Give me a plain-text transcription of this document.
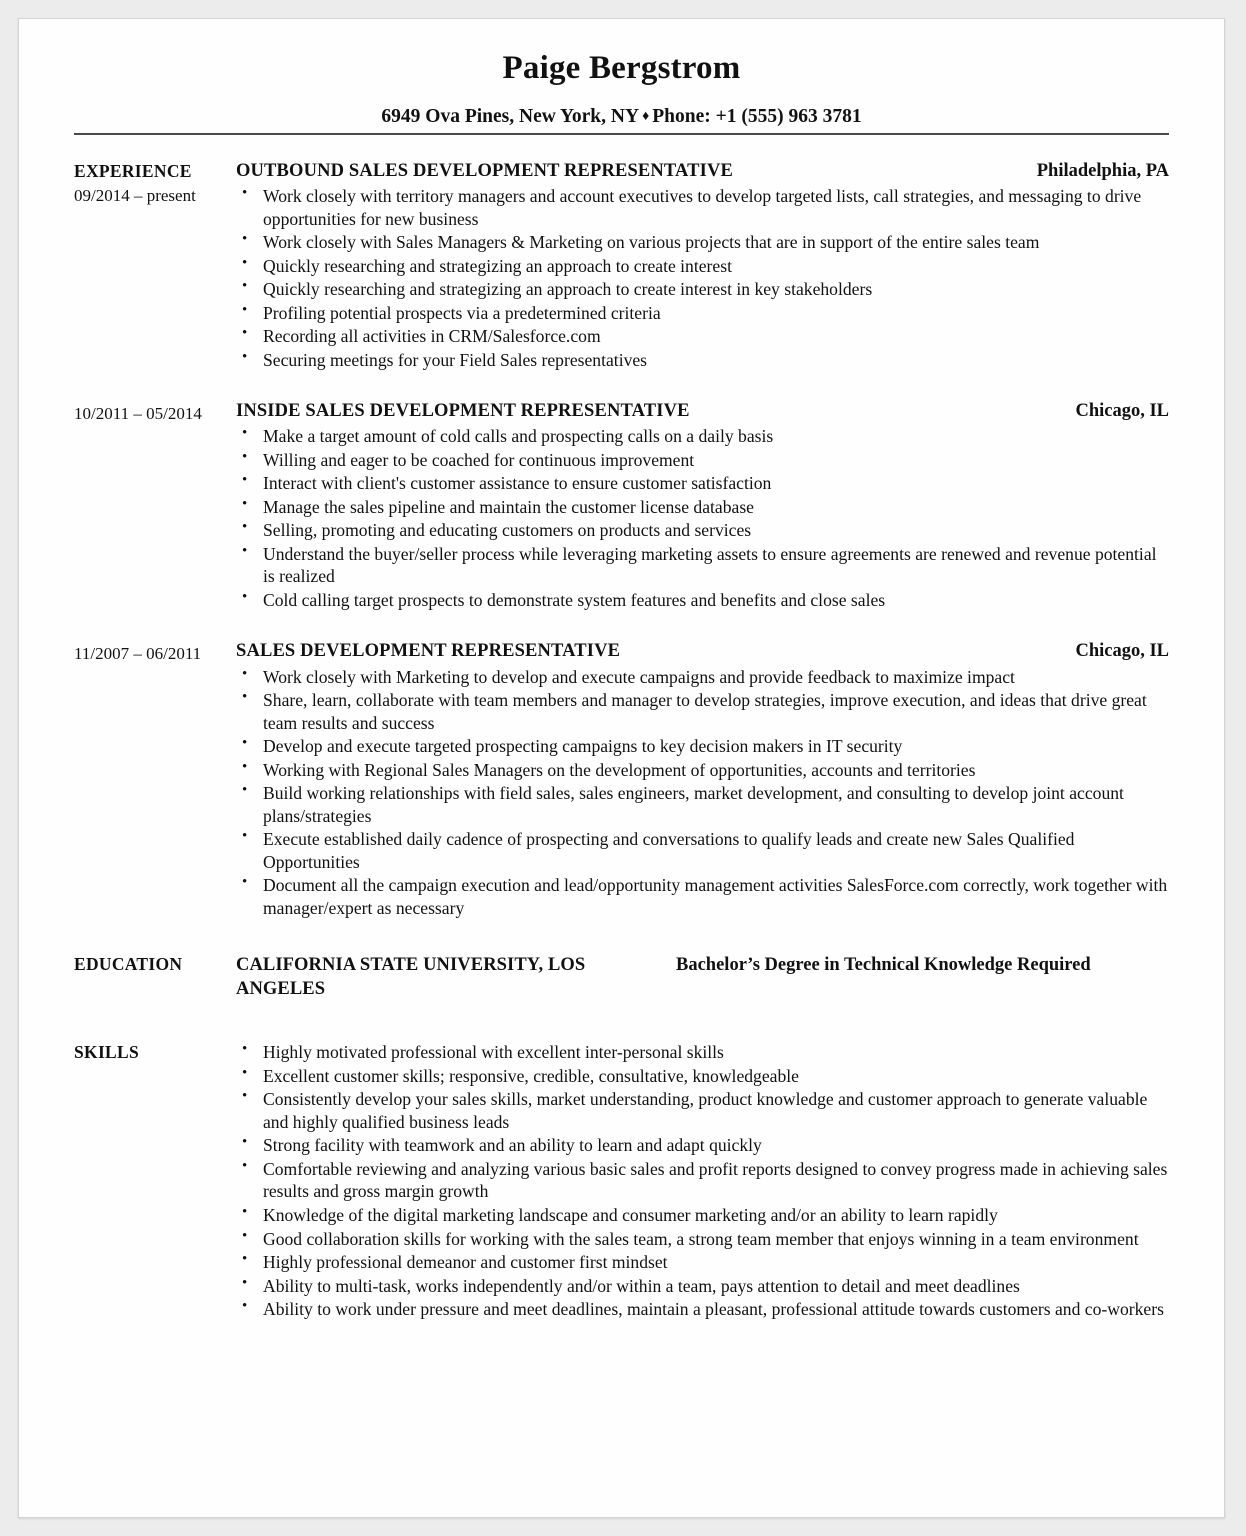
Paige Bergstrom
6949 Ova Pines, New York, NY ♦ Phone: +1 (555) 963 3781
EXPERIENCE
09/2014 – present
OUTBOUND SALES DEVELOPMENT REPRESENTATIVE	Philadelphia, PA
• Work closely with territory managers and account executives to develop targeted lists, call strategies, and messaging to drive opportunities for new business
• Work closely with Sales Managers & Marketing on various projects that are in support of the entire sales team
• Quickly researching and strategizing an approach to create interest
• Quickly researching and strategizing an approach to create interest in key stakeholders
• Profiling potential prospects via a predetermined criteria
• Recording all activities in CRM/Salesforce.com
• Securing meetings for your Field Sales representatives
10/2011 – 05/2014	INSIDE SALES DEVELOPMENT REPRESENTATIVE	Chicago, IL
• Make a target amount of cold calls and prospecting calls on a daily basis
• Willing and eager to be coached for continuous improvement
• Interact with client's customer assistance to ensure customer satisfaction
• Manage the sales pipeline and maintain the customer license database
• Selling, promoting and educating customers on products and services
• Understand the buyer/seller process while leveraging marketing assets to ensure agreements are renewed and revenue potential is realized
• Cold calling target prospects to demonstrate system features and benefits and close sales
11/2007 – 06/2011	SALES DEVELOPMENT REPRESENTATIVE	Chicago, IL
• Work closely with Marketing to develop and execute campaigns and provide feedback to maximize impact
• Share, learn, collaborate with team members and manager to develop strategies, improve execution, and ideas that drive great team results and success
• Develop and execute targeted prospecting campaigns to key decision makers in IT security
• Working with Regional Sales Managers on the development of opportunities, accounts and territories
• Build working relationships with field sales, sales engineers, market development, and consulting to develop joint account plans/strategies
• Execute established daily cadence of prospecting and conversations to qualify leads and create new Sales Qualified Opportunities
• Document all the campaign execution and lead/opportunity management activities SalesForce.com correctly, work together with manager/expert as necessary
EDUCATION	CALIFORNIA STATE UNIVERSITY, LOS ANGELES
Bachelor’s Degree in Technical Knowledge Required
SKILLS	• Highly motivated professional with excellent inter-personal skills
• Excellent customer skills; responsive, credible, consultative, knowledgeable
• Consistently develop your sales skills, market understanding, product knowledge and customer approach to generate valuable and highly qualified business leads
• Strong facility with teamwork and an ability to learn and adapt quickly
• Comfortable reviewing and analyzing various basic sales and profit reports designed to convey progress made in achieving sales results and gross margin growth
• Knowledge of the digital marketing landscape and consumer marketing and/or an ability to learn rapidly
• Good collaboration skills for working with the sales team, a strong team member that enjoys winning in a team environment
• Highly professional demeanor and customer first mindset
• Ability to multi-task, works independently and/or within a team, pays attention to detail and meet deadlines
• Ability to work under pressure and meet deadlines, maintain a pleasant, professional attitude towards customers and co-workers
